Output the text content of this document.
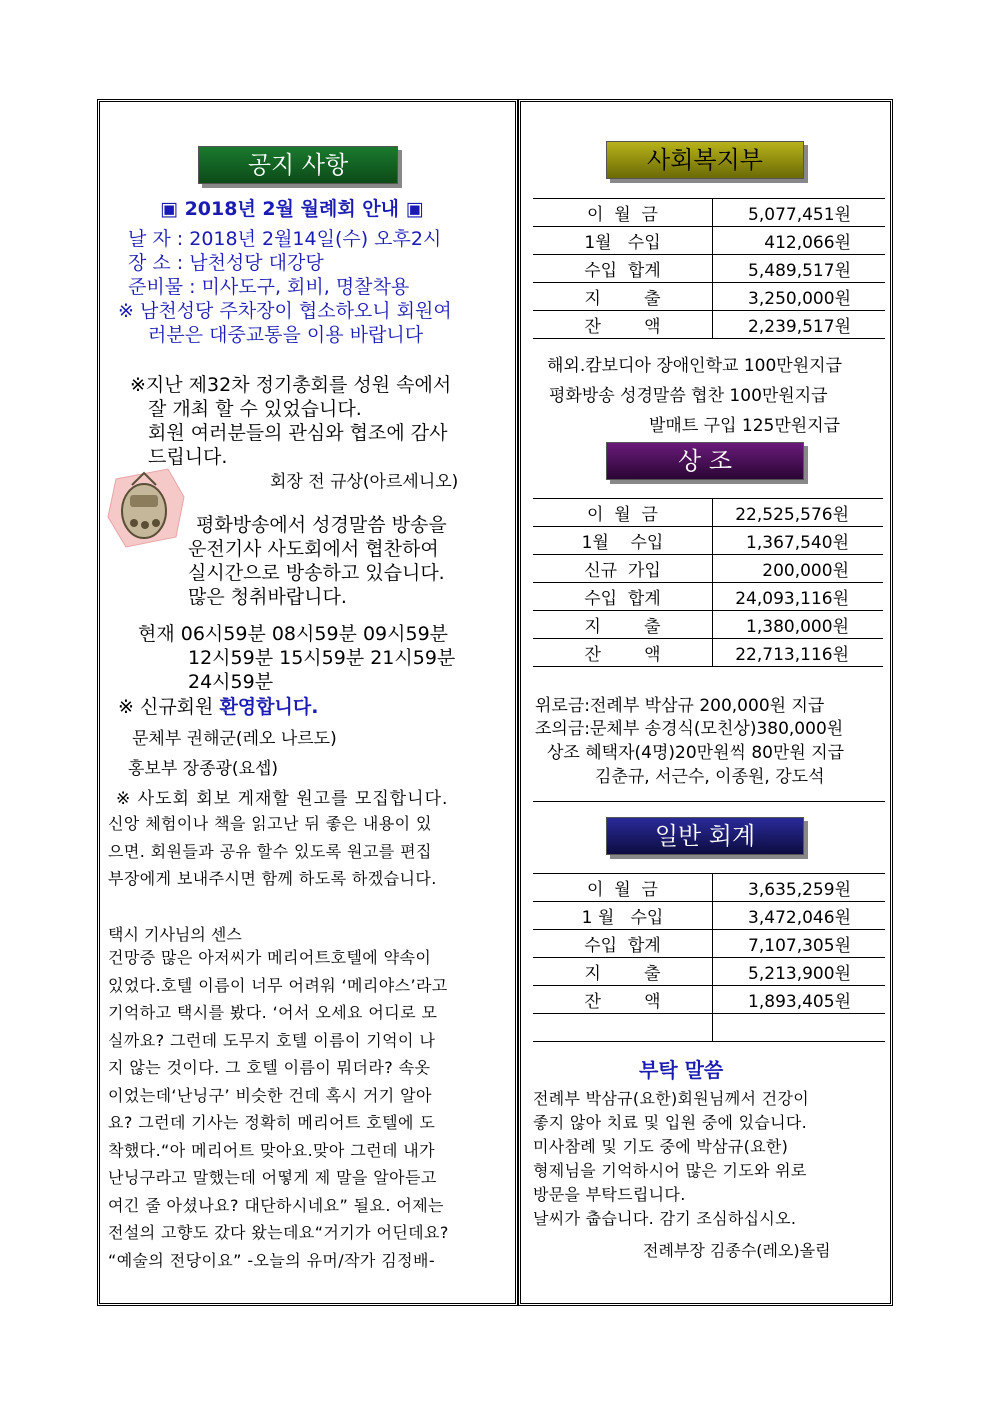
공지 사항
▣ 2018년 2월 월례회 안내 ▣
날 자 : 2018년 2월14일(수) 오후2시
장 소 : 남천성당 대강당
준비물 : 미사도구, 회비, 명찰착용
※ 남천성당 주차장이 협소하오니 회원여
러분은 대중교통을 이용 바랍니다
※지난 제32차 정기총회를 성원 속에서
잘 개최 할 수 있었습니다.
회원 여러분들의 관심와 협조에 감사
드립니다.
회장 전 규상(아르세니오)
평화방송에서 성경말씀 방송을
운전기사 사도회에서 협찬하여
실시간으로 방송하고 있습니다.
많은 청취바랍니다.
현재 06시59분 08시59분 09시59분
12시59분 15시59분 21시59분
24시59분
※ 신규회원 환영합니다.
문체부 권해군(레오 나르도)
홍보부 장종광(요셉)
※ 사도회 회보 게재할 원고를 모집합니다.
신앙 체험이나 책을 읽고난 뒤 좋은 내용이 있
으면. 회원들과 공유 할수 있도록 원고를 편집
부장에게 보내주시면 함께 하도록 하겠습니다.
택시 기사님의 센스
건망증 많은 아저씨가 메리어트호텔에 약속이
있었다.호텔 이름이 너무 어려워 ‘메리야스’라고
기억하고 택시를 봤다. ‘어서 오세요 어디로 모
실까요? 그런데 도무지 호텔 이름이 기억이 나
지 않는 것이다. 그 호텔 이름이 뭐더라? 속옷
이었는데‘난닝구’ 비슷한 건데 혹시 거기 알아
요? 그런데 기사는 정확히 메리어트 호텔에 도
착했다.“아 메리어트 맞아요.맞아 그런데 내가
난닝구라고 말했는데 어떻게 제 말을 알아듣고
여긴 줄 아셨나요? 대단하시네요” 될요. 어제는
전설의 고향도 갔다 왔는데요“거기가 어딘데요?
“예술의 전당이요” -오늘의 유머/작가 김정배-
사회복지부
이  월  금	5,077,451원
1월   수입	412,066원
수입  합계	5,489,517원
지        출	3,250,000원
잔        액	2,239,517원
해외.캄보디아 장애인학교 100만원지급
평화방송 성경말씀 협찬 100만원지급
발매트 구입 125만원지급
상 조
이  월  금	22,525,576원
1월    수입	1,367,540원
신규  가입	200,000원
수입  합계	24,093,116원
지        출	1,380,000원
잔        액	22,713,116원
위로금:전례부 박삼규 200,000원 지급
조의금:문체부 송경식(모친상)380,000원
상조 혜택자(4명)20만원씩 80만원 지급
김춘규, 서근수, 이종원, 강도석
일반 회계
이  월  금	3,635,259원
1 월   수입	3,472,046원
수입  합계	7,107,305원
지        출	5,213,900원
잔        액	1,893,405원

부탁 말씀
전례부 박삼규(요한)회원님께서 건강이
좋지 않아 치료 및 입원 중에 있습니다.
미사참례 및 기도 중에 박삼규(요한)
형제님을 기억하시어 많은 기도와 위로
방문을 부탁드립니다.
날씨가 춥습니다. 감기 조심하십시오.
전례부장 김종수(레오)올림
